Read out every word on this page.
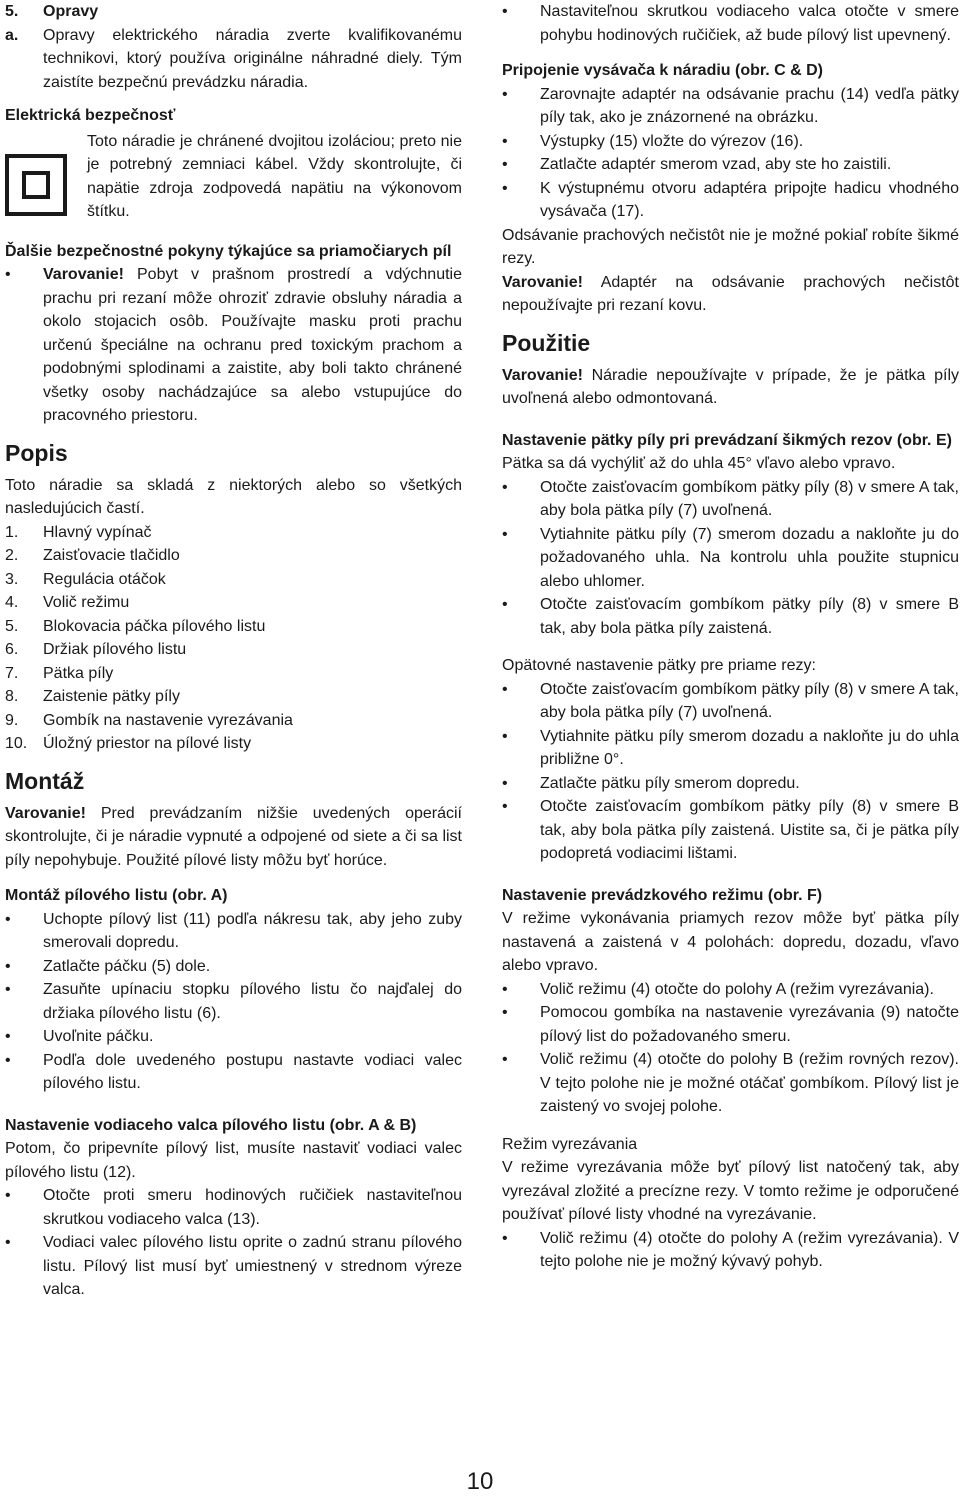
5.	Opravy
a.	Opravy elektrického náradia zverte kvalifikovanému technikovi, ktorý používa originálne náhradné diely. Tým zaistíte bezpečnú prevádzku náradia.

Elektrická bezpečnosť

Toto náradie je chránené dvojitou izoláciou; preto nie je potrebný zemniaci kábel. Vždy skontrolujte, či napätie zdroja zodpovedá napätiu na výkonovom štítku.

Ďalšie bezpečnostné pokyny týkajúce sa priamočiarych píl

• Varovanie! Pobyt v prašnom prostredí a vdýchnutie prachu pri rezaní môže ohroziť zdravie obsluhy náradia a okolo stojacich osôb. Používajte masku proti prachu určenú špeciálne na ochranu pred toxickým prachom a podobnými splodinami a zaistite, aby boli takto chránené všetky osoby nachádzajúce sa alebo vstupujúce do pracovného priestoru.

Popis

Toto náradie sa skladá z niektorých alebo so všetkých nasledujúcich častí.

1.	Hlavný vypínač
2.	Zaisťovacie tlačidlo
3.	Regulácia otáčok
4.	Volič režimu
5.	Blokovacia páčka pílového listu
6.	Držiak pílového listu
7.	Pätka píly
8.	Zaistenie pätky píly
9.	Gombík na nastavenie vyrezávania
10. Úložný priestor na pílové listy

Montáž

Varovanie! Pred prevádzaním nižšie uvedených operácií skontrolujte, či je náradie vypnuté a odpojené od siete a či sa list píly nepohybuje. Použité pílové listy môžu byť horúce.

Montáž pílového listu (obr. A)

• Uchopte pílový list (11) podľa nákresu tak, aby jeho zuby smerovali dopredu.
• Zatlačte páčku (5) dole.
• Zasuňte upínaciu stopku pílového listu čo najďalej do držiaka pílového listu (6).
• Uvoľnite páčku.
• Podľa dole uvedeného postupu nastavte vodiaci valec pílového listu.

Nastavenie vodiaceho valca pílového listu (obr. A & B)

Potom, čo pripevníte pílový list, musíte nastaviť vodiaci valec pílového listu (12).

• Otočte proti smeru hodinových ručičiek nastaviteľnou skrutkou vodiaceho valca (13).
• Vodiaci valec pílového listu oprite o zadnú stranu pílového listu. Pílový list musí byť umiestnený v strednom výreze valca.
• Nastaviteľnou skrutkou vodiaceho valca otočte v smere pohybu hodinových ručičiek, až bude pílový list upevnený.

Pripojenie vysávača k náradiu (obr. C & D)

• Zarovnajte adaptér na odsávanie prachu (14) vedľa pätky píly tak, ako je znázornené na obrázku.
• Výstupky (15) vložte do výrezov (16).
• Zatlačte adaptér smerom vzad, aby ste ho zaistili.
• K výstupnému otvoru adaptéra pripojte hadicu vhodného vysávača (17).

Odsávanie prachových nečistôt nie je možné pokiaľ robíte šikmé rezy.

Varovanie! Adaptér na odsávanie prachových nečistôt nepoužívajte pri rezaní kovu.

Použitie

Varovanie! Náradie nepoužívajte v prípade, že je pätka píly uvoľnená alebo odmontovaná.

Nastavenie pätky píly pri prevádzaní šikmých rezov (obr. E)

Pätka sa dá vychýliť až do uhla 45° vľavo alebo vpravo.

• Otočte zaisťovacím gombíkom pätky píly (8) v smere A tak, aby bola pätka píly (7) uvoľnená.
• Vytiahnite pätku píly (7) smerom dozadu a nakloňte ju do požadovaného uhla. Na kontrolu uhla použite stupnicu alebo uhlomer.
• Otočte zaisťovacím gombíkom pätky píly (8) v smere B tak, aby bola pätka píly zaistená.

Opätovné nastavenie pätky pre priame rezy:

• Otočte zaisťovacím gombíkom pätky píly (8) v smere A tak, aby bola pätka píly (7) uvoľnená.
• Vytiahnite pätku píly smerom dozadu a nakloňte ju do uhla približne 0°.
• Zatlačte pätku píly smerom dopredu.
• Otočte zaisťovacím gombíkom pätky píly (8) v smere B tak, aby bola pätka píly zaistená. Uistite sa, či je pätka píly podopretá vodiacimi lištami.

Nastavenie prevádzkového režimu (obr. F)

V režime vykonávania priamych rezov môže byť pätka píly nastavená a zaistená v 4 polohách: dopredu, dozadu, vľavo alebo vpravo.

• Volič režimu (4) otočte do polohy A (režim vyrezávania).
• Pomocou gombíka na nastavenie vyrezávania (9) natočte pílový list do požadovaného smeru.
• Volič režimu (4) otočte do polohy B (režim rovných rezov). V tejto polohe nie je možné otáčať gombíkom. Pílový list je zaistený vo svojej polohe.

Režim vyrezávania

V režime vyrezávania môže byť pílový list natočený tak, aby vyrezával zložité a precízne rezy. V tomto režime je odporučené používať pílové listy vhodné na vyrezávanie.

• Volič režimu (4) otočte do polohy A (režim vyrezávania). V tejto polohe nie je možný kývavý pohyb.
10
